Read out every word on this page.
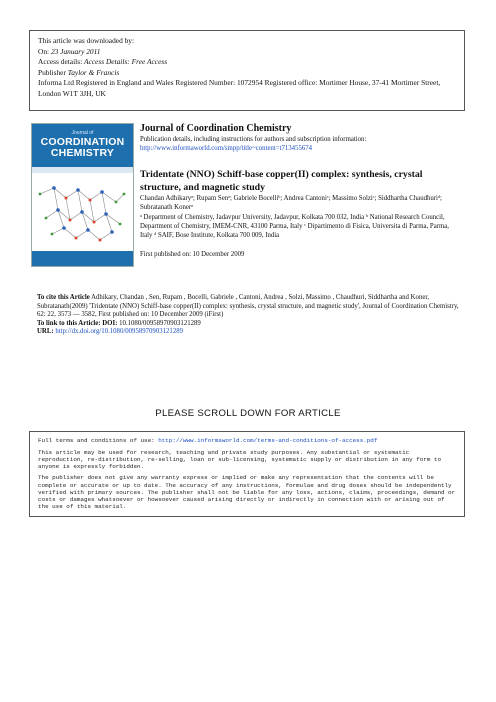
This article was downloaded by:
On: 23 January 2011
Access details: Access Details: Free Access
Publisher Taylor & Francis
Informa Ltd Registered in England and Wales Registered Number: 1072954 Registered office: Mortimer House, 37-41 Mortimer Street, London W1T 3JH, UK
Journal of
COORDINATION CHEMISTRY
Journal of Coordination Chemistry
Publication details, including instructions for authors and subscription information:
http://www.informaworld.com/smpp/title~content=t713455674
Tridentate (NNO) Schiff-base copper(II) complex: synthesis, crystal structure, and magnetic study
Chandan Adhikaryᵃ; Rupam Senᵃ; Gabriele Bocelliᵇ; Andrea Cantoniᶜ; Massimo Solziᶜ; Siddhartha Chaudhuriᵈ; Subratanath Konerᵃ
ᵃ Department of Chemistry, Jadavpur University, Jadavpur, Kolkata 700 032, India ᵇ National Research Council, Department of Chemistry, IMEM-CNR, 43100 Parma, Italy ᶜ Dipartimento di Fisica, Universita di Parma, Parma, Italy ᵈ SAIF, Bose Institute, Kolkata 700 009, India
First published on: 10 December 2009
To cite this Article Adhikary, Chandan , Sen, Rupam , Bocelli, Gabriele , Cantoni, Andrea , Solzi, Massimo , Chaudhuri, Siddhartha and Koner, Subratanath(2009) 'Tridentate (NNO) Schiff-base copper(II) complex: synthesis, crystal structure, and magnetic study', Journal of Coordination Chemistry, 62: 22, 3573 — 3582, First published on: 10 December 2009 (iFirst)
To link to this Article: DOI: 10.1080/00958970903121289
URL: http://dx.doi.org/10.1080/00958970903121289
PLEASE SCROLL DOWN FOR ARTICLE
Full terms and conditions of use: http://www.informaworld.com/terms-and-conditions-of-access.pdf
This article may be used for research, teaching and private study purposes. Any substantial or systematic reproduction, re-distribution, re-selling, loan or sub-licensing, systematic supply or distribution in any form to anyone is expressly forbidden.
The publisher does not give any warranty express or implied or make any representation that the contents will be complete or accurate or up to date. The accuracy of any instructions, formulae and drug doses should be independently verified with primary sources. The publisher shall not be liable for any loss, actions, claims, proceedings, demand or costs or damages whatsoever or howsoever caused arising directly or indirectly in connection with or arising out of the use of this material.
